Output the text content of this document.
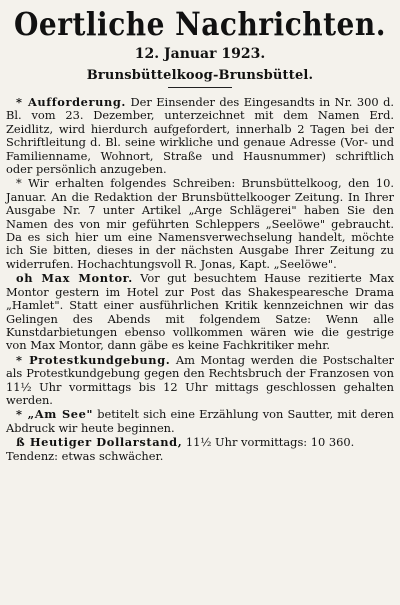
Oertliche Nachrichten.
12. Januar 1923.
Brunsbüttelkoog-Brunsbüttel.

* Aufforderung. Der Einsender des Eingesandts in Nr. 300 d. Bl. vom 23. Dezember, unterzeichnet mit dem Namen Erd. Zeidlitz, wird hierdurch aufgefordert, innerhalb 2 Tagen bei der Schriftleitung d. Bl. seine wirkliche und genaue Adresse (Vor- und Familienname, Wohnort, Straße und Hausnummer) schriftlich oder persönlich anzugeben.

* Wir erhalten folgendes Schreiben: Brunsbüttelkoog, den 10. Januar. An die Redaktion der Brunsbüttelkooger Zeitung. In Ihrer Ausgabe Nr. 7 unter Artikel „Arge Schlägerei" haben Sie den Namen des von mir geführten Schleppers „Seelöwe" gebraucht. Da es sich hier um eine Namensverwechselung handelt, möchte ich Sie bitten, dieses in der nächsten Ausgabe Ihrer Zeitung zu widerrufen. Hochachtungsvoll R. Jonas, Kapt. „Seelöwe".

oh Max Montor. Vor gut besuchtem Hause rezitierte Max Montor gestern im Hotel zur Post das Shakespearesche Drama „Hamlet". Statt einer ausführlichen Kritik kennzeichnen wir das Gelingen des Abends mit folgendem Satze: Wenn alle Kunstdarbietungen ebenso vollkommen wären wie die gestrige von Max Montor, dann gäbe es keine Fachkritiker mehr.

* Protestkundgebung. Am Montag werden die Postschalter als Protestkundgebung gegen den Rechtsbruch der Franzosen von 11½ Uhr vormittags bis 12 Uhr mittags geschlossen gehalten werden.

* „Am See" betitelt sich eine Erzählung von Sautter, mit deren Abdruck wir heute beginnen.

ß Heutiger Dollarstand, 11½ Uhr vormittags: 10 360. Tendenz: etwas schwächer.
